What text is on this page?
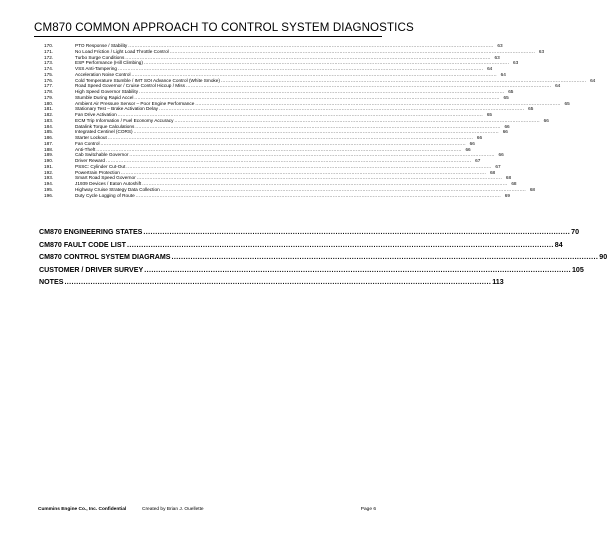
CM870 COMMON APPROACH TO CONTROL SYSTEM DIAGNOSTICS
170.	PTO Response / Stability .................................................................................................................................................................................................................................... 63
171.	No Load Friction / Light Load Throttle Control .................................................................................................................................................................................................................................... 63
172.	Turbo Surge Conditions .................................................................................................................................................................................................................................... 63
173.	ESP Performance (Hill Climbing) .................................................................................................................................................................................................................................... 63
174.	VSS Anti-Tampering .................................................................................................................................................................................................................................... 64
175.	Acceleration Noise Control .................................................................................................................................................................................................................................... 64
176.	Cold Temperature Stumble / IMT SOI Advance Control (White Smoke) .................................................................................................................................................................................................................................... 64
177.	Road Speed Governor / Cruise Control Hiccup / Miss .................................................................................................................................................................................................................................... 64
178.	High Speed Governor Stability .................................................................................................................................................................................................................................... 65
179.	Stumble During Rapid Accel .................................................................................................................................................................................................................................... 65
180.	Ambient Air Pressure Sensor – Poor Engine Performance .................................................................................................................................................................................................................................... 65
181.	Stationary Test – Brake Activation Delay .................................................................................................................................................................................................................................... 65
182.	Fan Drive Activation .................................................................................................................................................................................................................................... 65
183.	ECM Trip Information / Fuel Economy Accuracy .................................................................................................................................................................................................................................... 66
184.	Datalink Torque Calculations .................................................................................................................................................................................................................................... 66
185.	Integrated Centinel (CORS) .................................................................................................................................................................................................................................... 66
186.	Starter Lockout .................................................................................................................................................................................................................................... 66
187.	Fan Control .................................................................................................................................................................................................................................... 66
188.	Anti-Theft .................................................................................................................................................................................................................................... 66
189.	Cab Switchable Governor .................................................................................................................................................................................................................................... 66
190.	Driver Reward .................................................................................................................................................................................................................................... 67
191.	PSSC: Cylinder Cut-Out .................................................................................................................................................................................................................................... 67
192.	Powertrain Protection .................................................................................................................................................................................................................................... 68
193.	Smart Road Speed Governor .................................................................................................................................................................................................................................... 68
194.	J1939 Devices / Eaton Autoshift .................................................................................................................................................................................................................................... 68
195.	Highway Cruise Strategy Data Collection .................................................................................................................................................................................................................................... 68
196.	Duty Cycle Logging of Route .................................................................................................................................................................................................................................... 69
CM870 ENGINEERING STATES .................................................................................................................................................................................... 70
CM870 FAULT CODE LIST .................................................................................................................................................................................... 84
CM870 CONTROL SYSTEM DIAGRAMS .................................................................................................................................................................................... 90
CUSTOMER / DRIVER SURVEY .................................................................................................................................................................................... 105
NOTES .................................................................................................................................................................................... 113
Cummins Engine Co., Inc. Confidential	Created by Brian J. Ouellette	Page 6
